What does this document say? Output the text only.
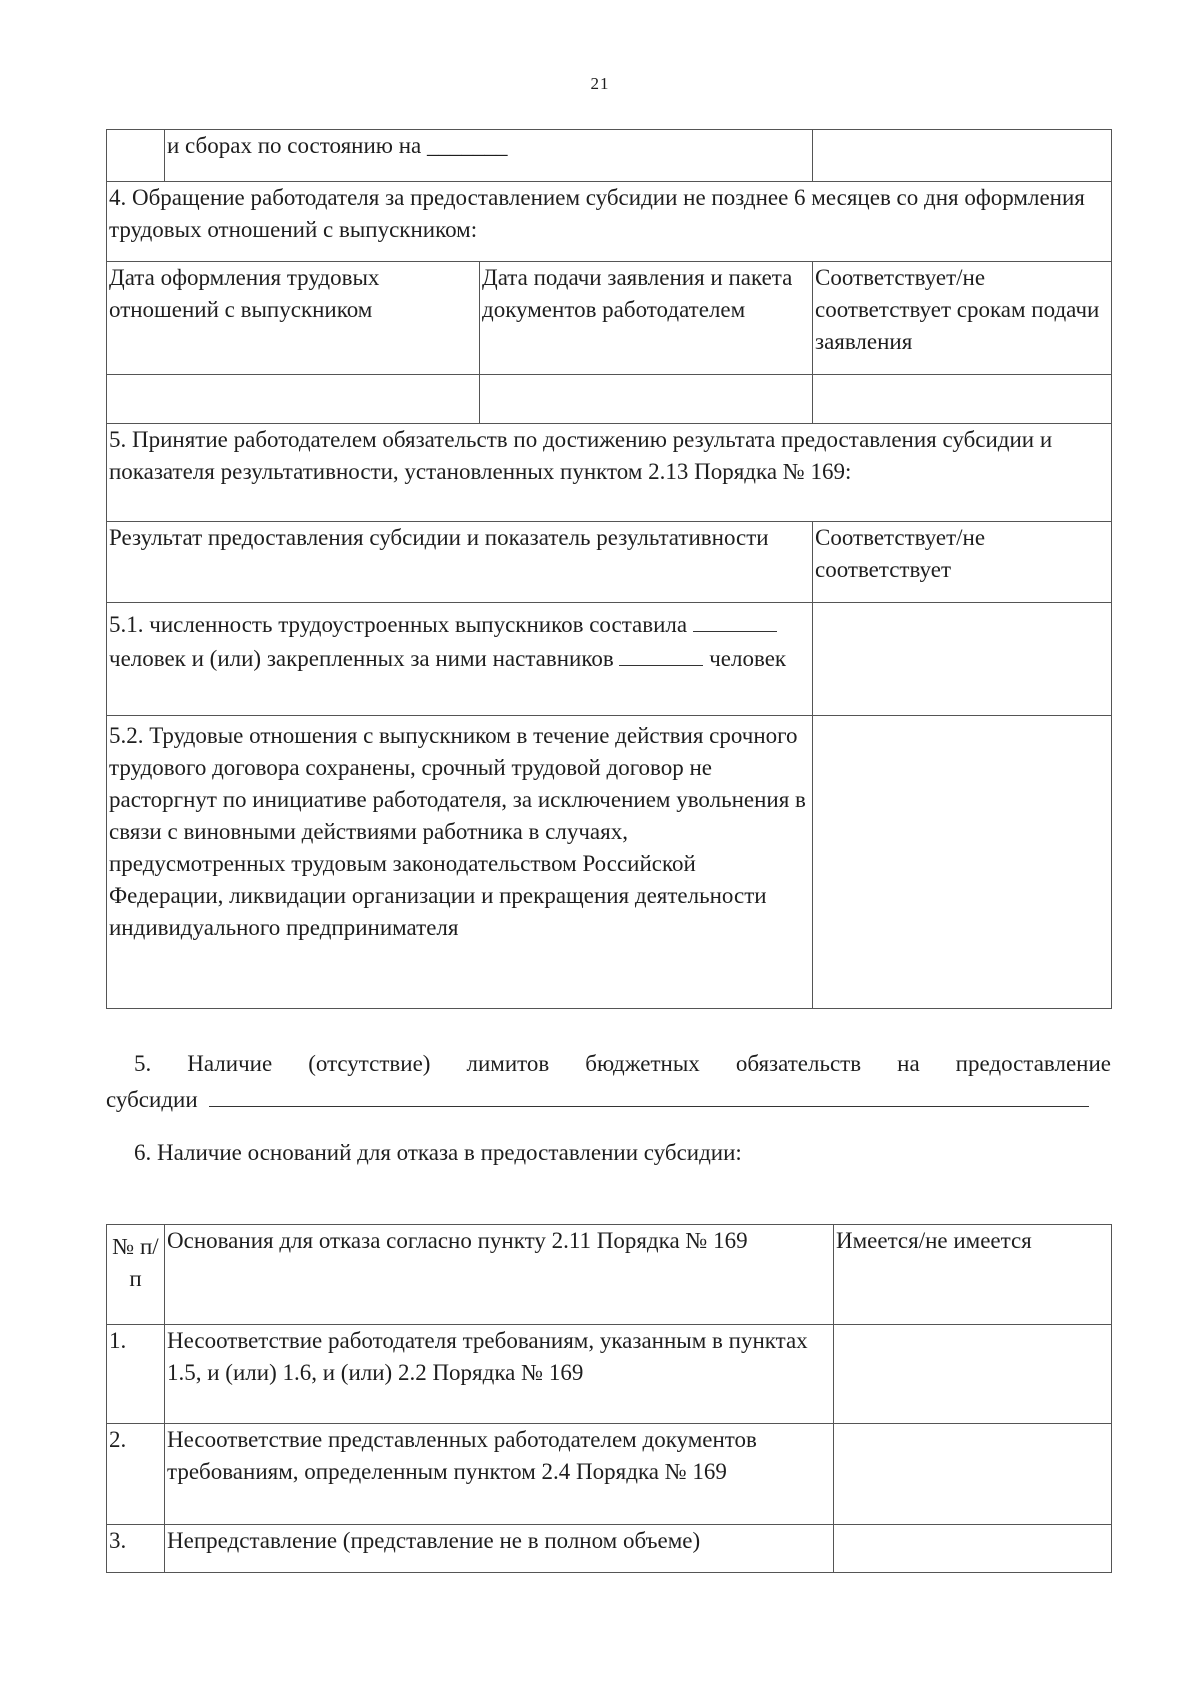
21
	и сборах по состоянию на _______		
4. Обращение работодателя за предоставлением субсидии не позднее 6 месяцев со дня оформления трудовых отношений с выпускником:			
Дата оформления трудовых отношений с выпускником		Дата подачи заявления и пакета документов работодателем	Соответствует/не соответствует срокам подачи заявления

5. Принятие работодателем обязательств по достижению результата предоставления субсидии и показателя результативности, установленных пунктом 2.13 Порядка № 169:			
Результат предоставления субсидии и показатель результативности			Соответствует/не соответствует
5.1. численность трудоустроенных выпускников составила  человек и (или) закрепленных за ними наставников человек			
5.2. Трудовые отношения с выпускником в течение действия срочного трудового договора сохранены, срочный трудовой договор не расторгнут по инициативе работодателя, за исключением увольнения в связи с виновными действиями работника в случаях, предусмотренных трудовым законодательством Российской Федерации, ликвидации организации и прекращения деятельности индивидуального предпринимателя			
5. Наличие (отсутствие) лимитов бюджетных обязательств на предоставление
субсидии
6. Наличие оснований для отказа в предоставлении субсидии:
№ п/п	Основания для отказа согласно пункту 2.11 Порядка № 169	Имеется/не имеется
1.	Несоответствие работодателя требованиям, указанным в пунктах 1.5, и (или) 1.6, и (или) 2.2 Порядка № 169	
2.	Несоответствие представленных работодателем документов требованиям, определенным пунктом 2.4 Порядка № 169	
3.	Непредставление (представление не в полном объеме)	
